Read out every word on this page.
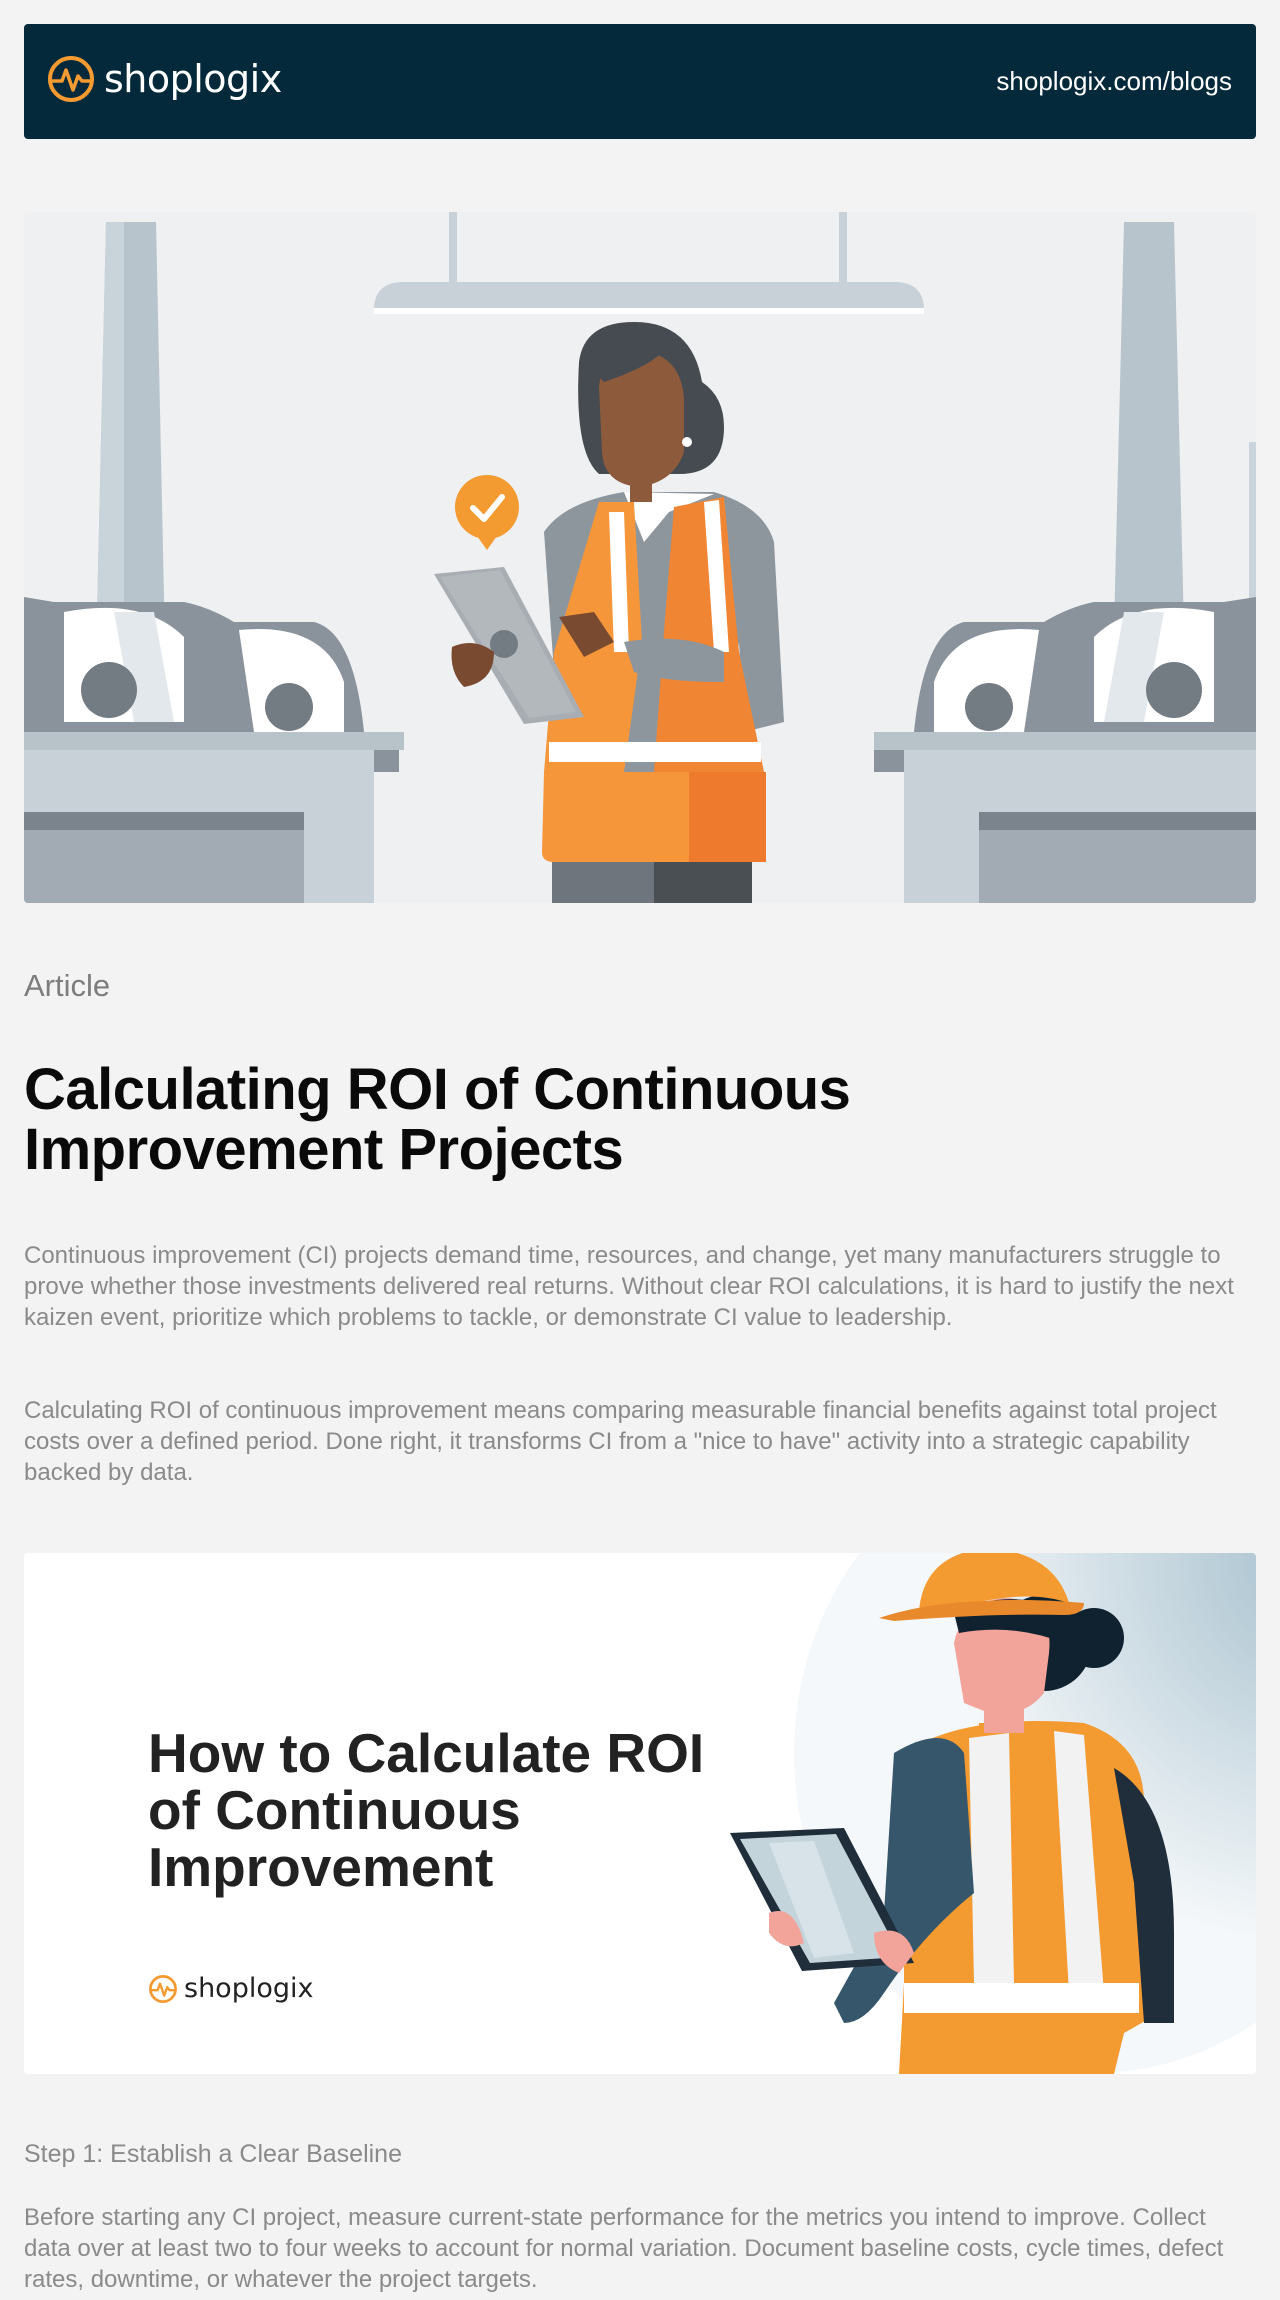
shoplogix	shoplogix.com/blogs
Article
Calculating ROI of Continuous Improvement Projects

Continuous improvement (CI) projects demand time, resources, and change, yet many manufacturers struggle to prove whether those investments delivered real returns. Without clear ROI calculations, it is hard to justify the next kaizen event, prioritize which problems to tackle, or demonstrate CI value to leadership.

Calculating ROI of continuous improvement means comparing measurable financial benefits against total project costs over a defined period. Done right, it transforms CI from a "nice to have" activity into a strategic capability backed by data.

How to Calculate ROI of Continuous Improvement
shoplogix
Step 1: Establish a Clear Baseline

Before starting any CI project, measure current-state performance for the metrics you intend to improve. Collect data over at least two to four weeks to account for normal variation. Document baseline costs, cycle times, defect rates, downtime, or whatever the project targets.
